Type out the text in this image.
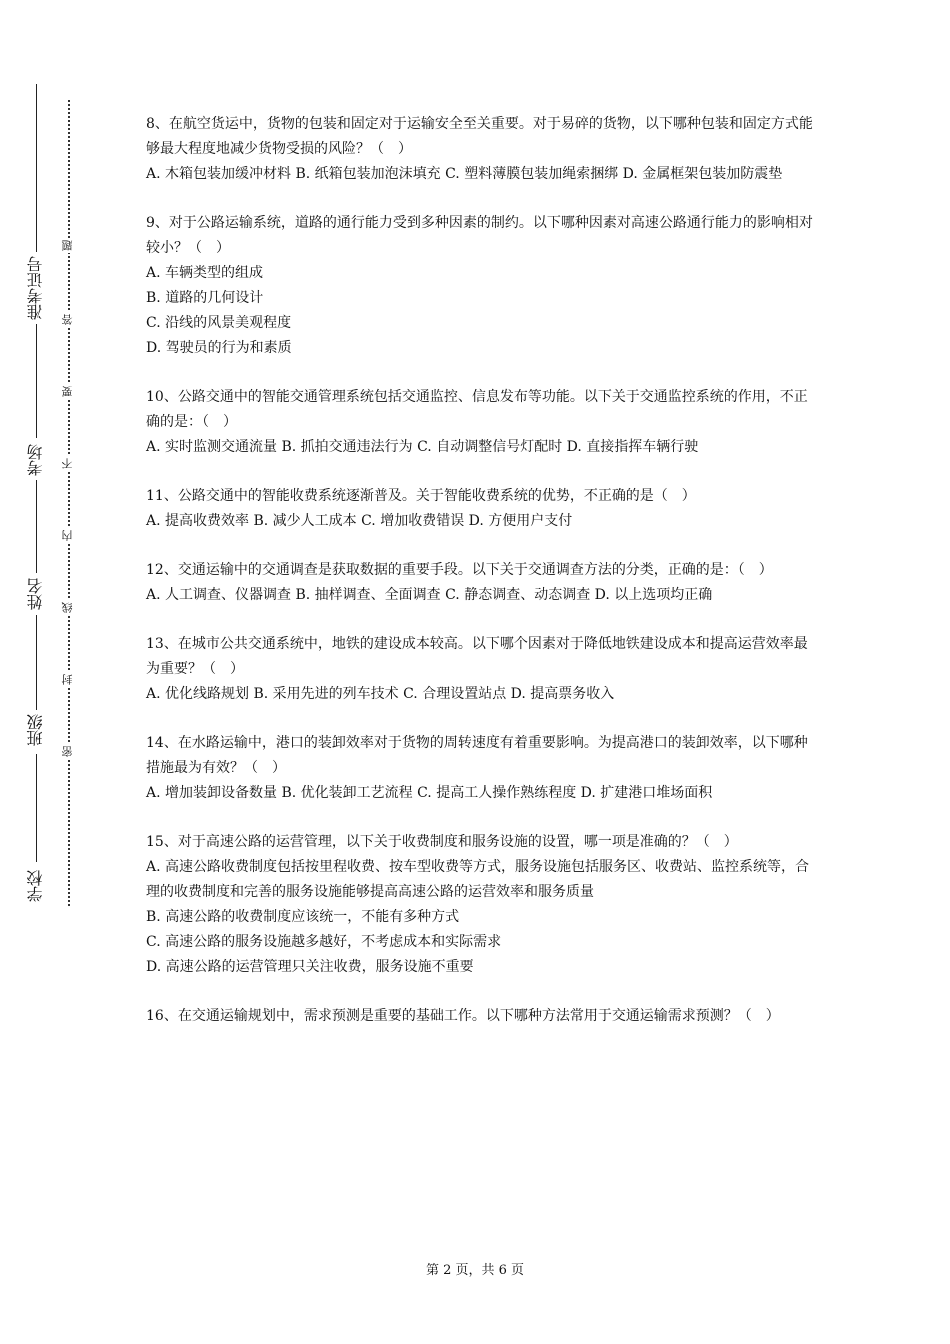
准考证号
考场
姓名
班级
学校
题
答
要
不
内
线
封
密

8、在航空货运中，货物的包装和固定对于运输安全至关重要。对于易碎的货物，以下哪种包装和固定方式能够最大程度地减少货物受损的风险？（　）

A. 木箱包装加缓冲材料 B. 纸箱包装加泡沫填充 C. 塑料薄膜包装加绳索捆绑 D. 金属框架包装加防震垫

9、对于公路运输系统，道路的通行能力受到多种因素的制约。以下哪种因素对高速公路通行能力的影响相对较小？（　）

A. 车辆类型的组成

B. 道路的几何设计

C. 沿线的风景美观程度

D. 驾驶员的行为和素质

10、公路交通中的智能交通管理系统包括交通监控、信息发布等功能。以下关于交通监控系统的作用，不正确的是：（　）

A. 实时监测交通流量 B. 抓拍交通违法行为 C. 自动调整信号灯配时 D. 直接指挥车辆行驶

11、公路交通中的智能收费系统逐渐普及。关于智能收费系统的优势，不正确的是（　）

A. 提高收费效率 B. 减少人工成本 C. 增加收费错误 D. 方便用户支付

12、交通运输中的交通调查是获取数据的重要手段。以下关于交通调查方法的分类，正确的是：（　）

A. 人工调查、仪器调查 B. 抽样调查、全面调查 C. 静态调查、动态调查 D. 以上选项均正确

13、在城市公共交通系统中，地铁的建设成本较高。以下哪个因素对于降低地铁建设成本和提高运营效率最为重要？（　）

A. 优化线路规划 B. 采用先进的列车技术 C. 合理设置站点 D. 提高票务收入

14、在水路运输中，港口的装卸效率对于货物的周转速度有着重要影响。为提高港口的装卸效率，以下哪种措施最为有效？（　）

A. 增加装卸设备数量 B. 优化装卸工艺流程 C. 提高工人操作熟练程度 D. 扩建港口堆场面积

15、对于高速公路的运营管理，以下关于收费制度和服务设施的设置，哪一项是准确的？（　）

A. 高速公路收费制度包括按里程收费、按车型收费等方式，服务设施包括服务区、收费站、监控系统等，合理的收费制度和完善的服务设施能够提高高速公路的运营效率和服务质量

B. 高速公路的收费制度应该统一，不能有多种方式

C. 高速公路的服务设施越多越好，不考虑成本和实际需求

D. 高速公路的运营管理只关注收费，服务设施不重要

16、在交通运输规划中，需求预测是重要的基础工作。以下哪种方法常用于交通运输需求预测？（　）

第 2 页，共 6 页
